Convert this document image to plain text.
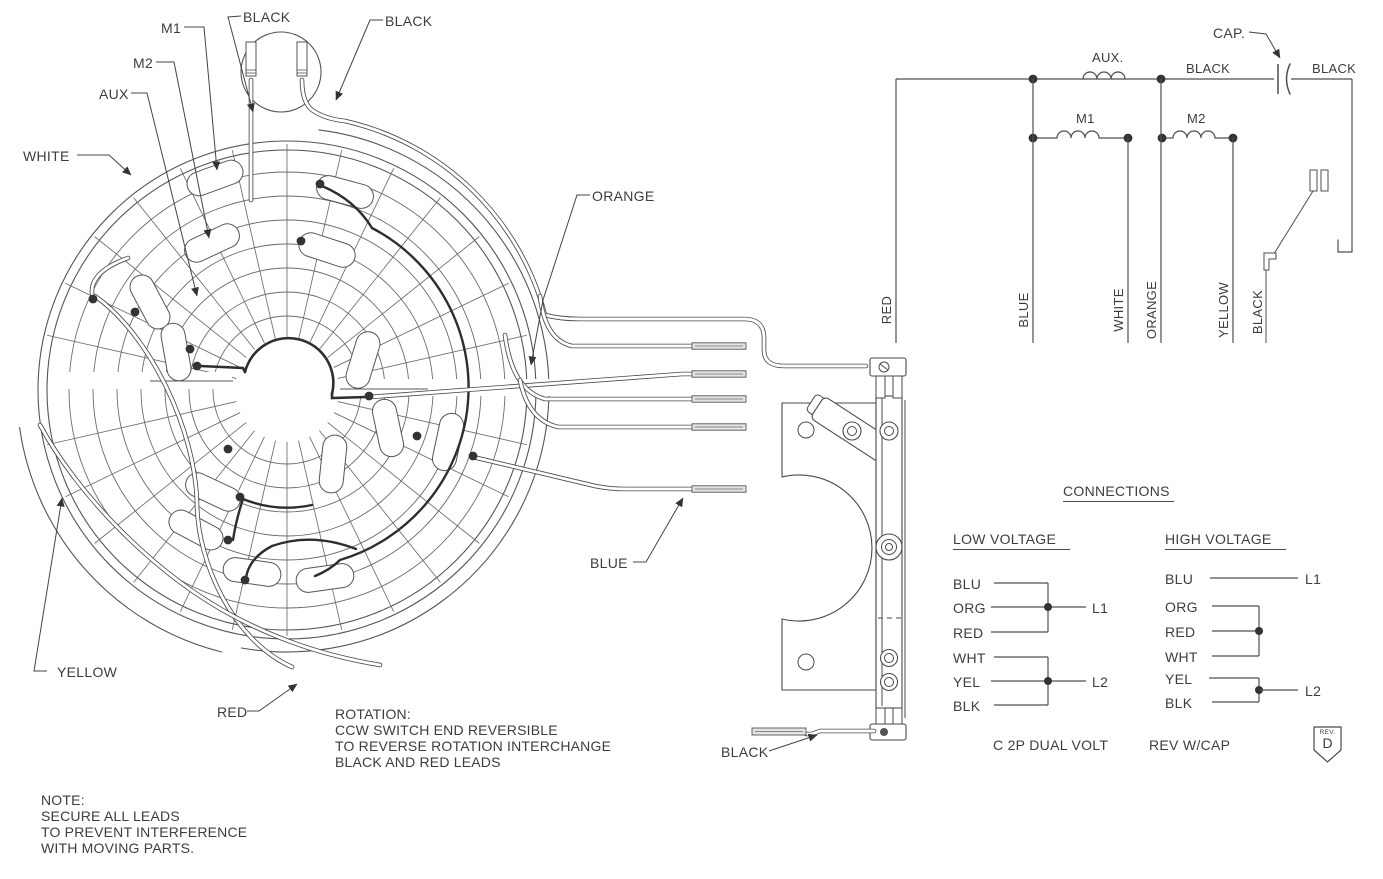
BLACK	BLACK
M1
M2
AUX
WHITE
ORANGE
BLUE
YELLOW
RED
BLACK
CAP.
AUX.
BLACK	BLACK
M1	M2
RED	BLUE	WHITE ORANGE	YELLOW BLACK
CONNECTIONS
LOW VOLTAGE	HIGH VOLTAGE
BLU
ORG
RED
WHT
YEL
BLK
L1
L2
BLU
ORG
RED
WHT
YEL
BLK
L1
L2
C 2P DUAL VOLT	REV W/CAP
ROTATION:
CCW SWITCH END REVERSIBLE
TO REVERSE ROTATION INTERCHANGE
BLACK AND RED LEADS
NOTE:
SECURE ALL LEADS
TO PREVENT INTERFERENCE
WITH MOVING PARTS.
REV.
D
